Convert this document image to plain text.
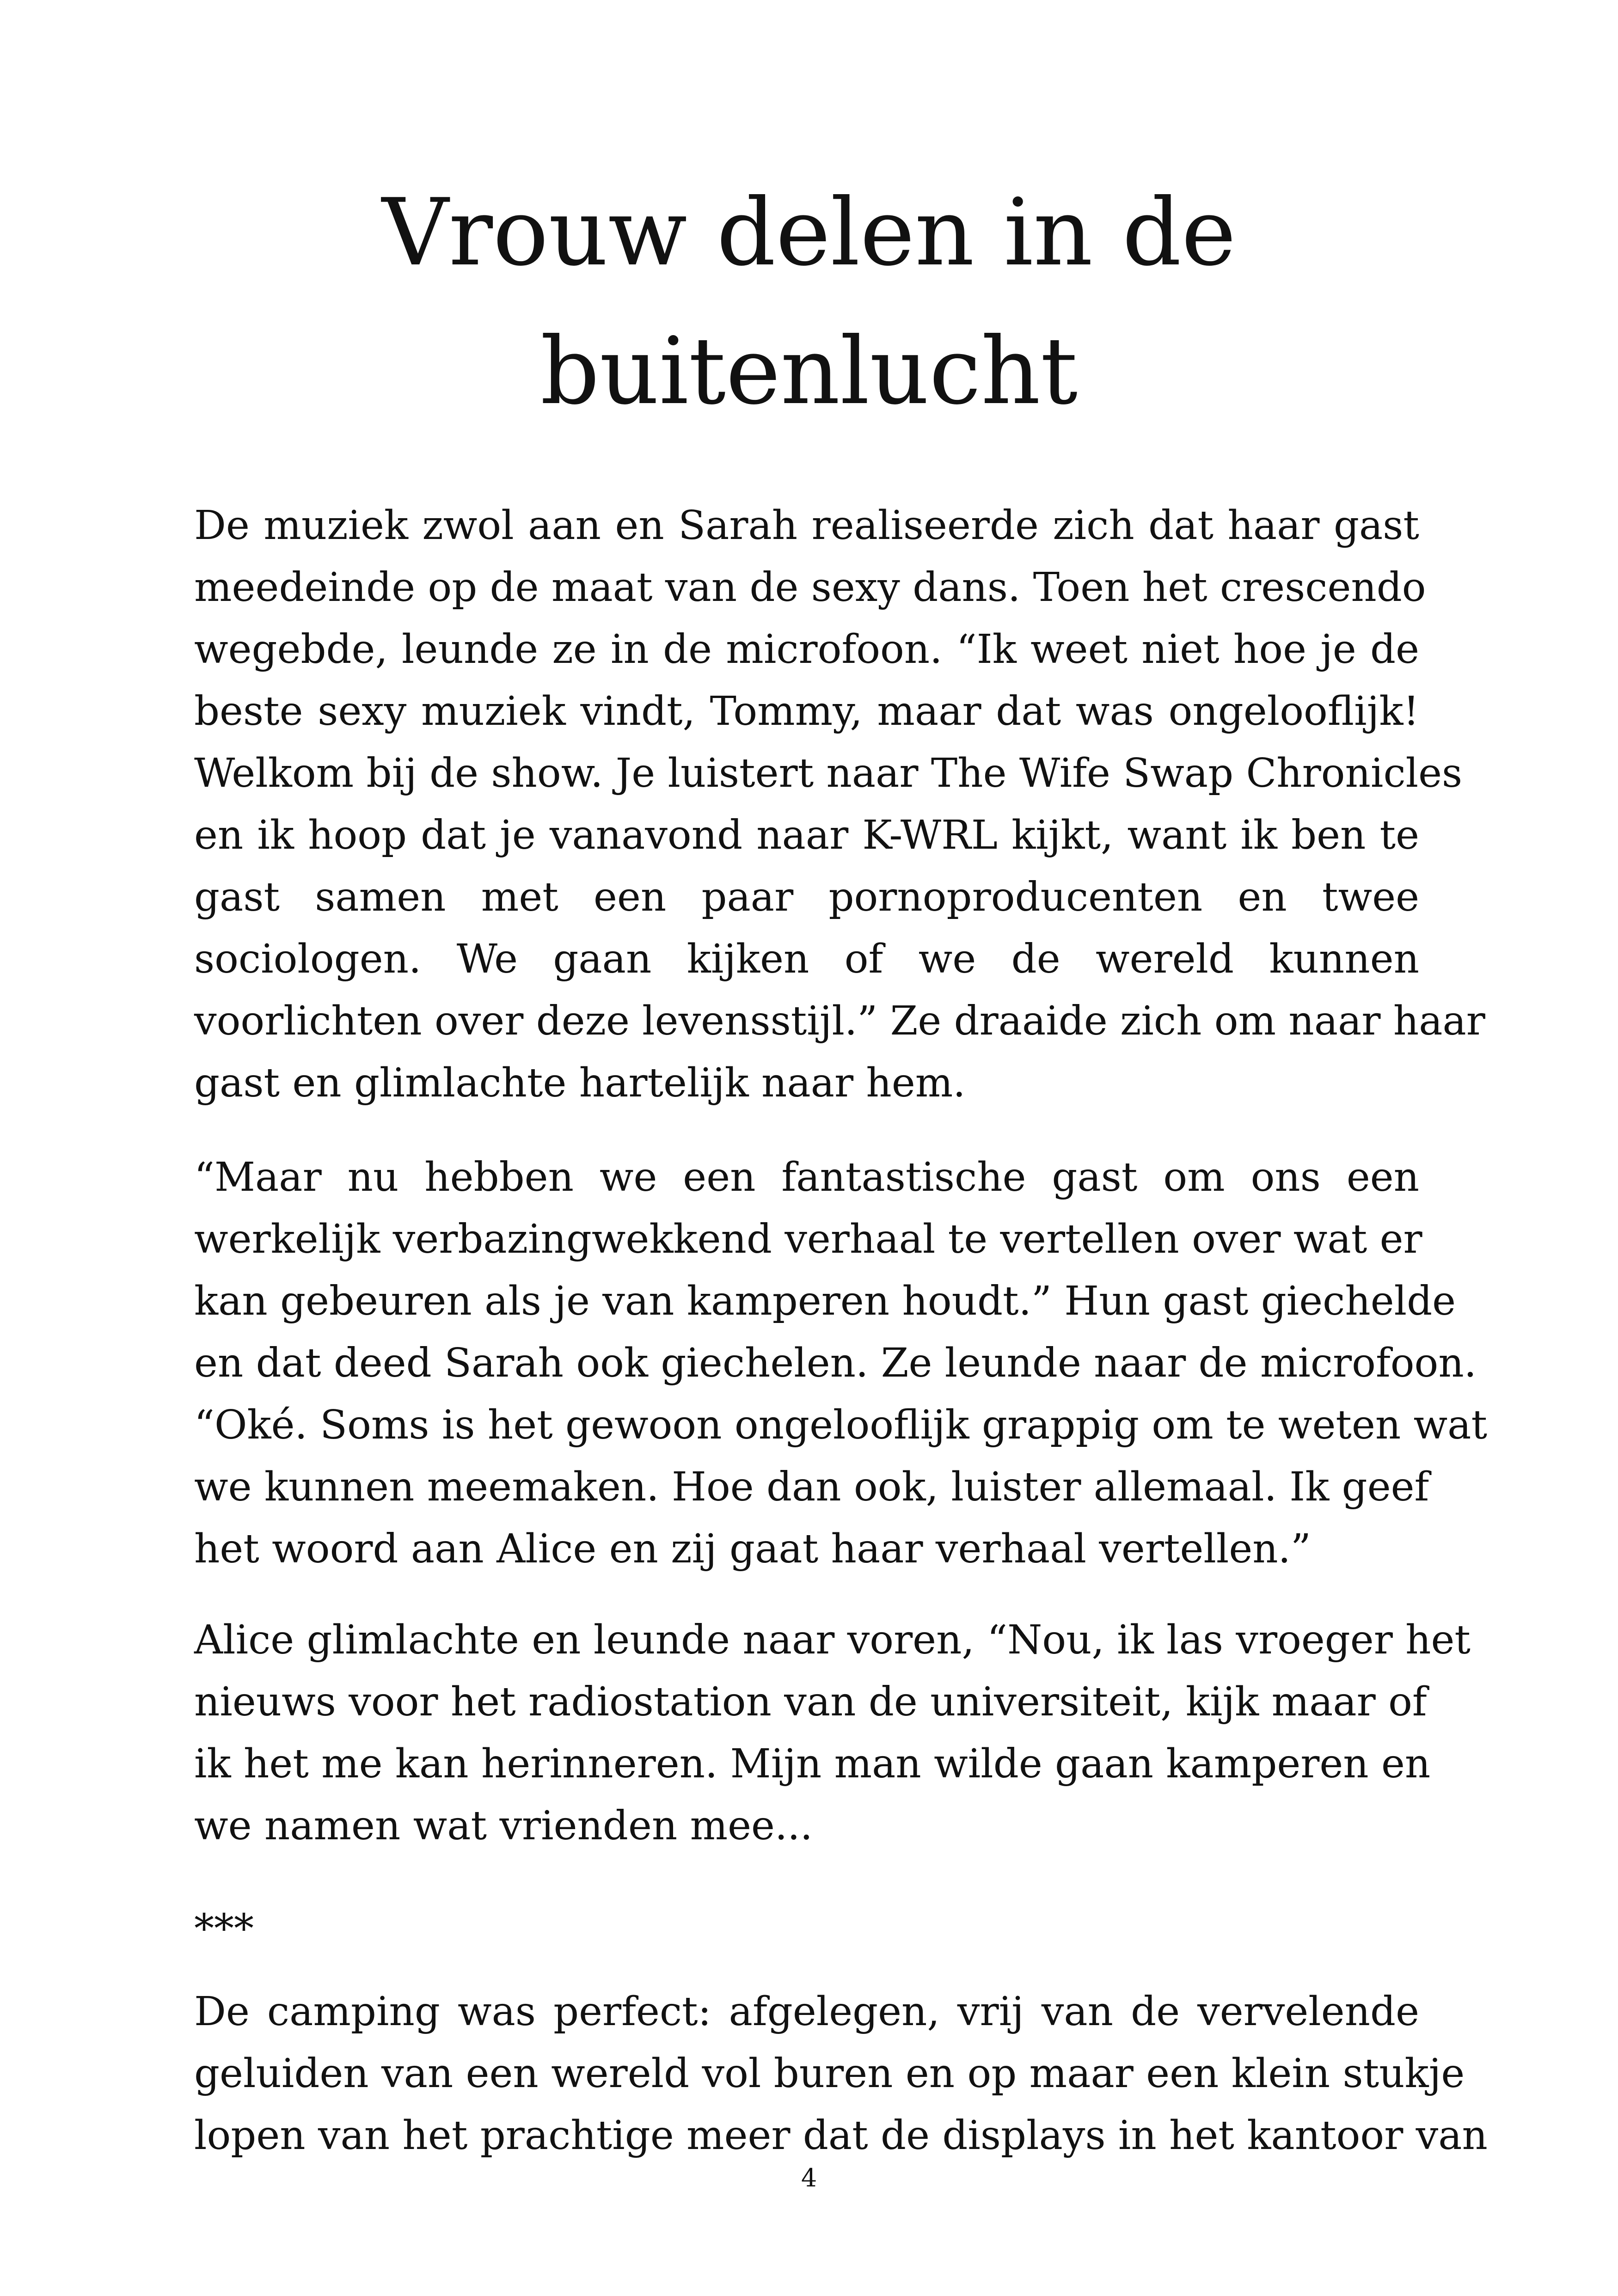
Vrouw delen in de
buitenlucht
De muziek zwol aan en Sarah realiseerde zich dat haar gast
meedeinde op de maat van de sexy dans. Toen het crescendo
wegebde, leunde ze in de microfoon. “Ik weet niet hoe je de
beste sexy muziek vindt, Tommy, maar dat was ongelooflijk!
Welkom bij de show. Je luistert naar The Wife Swap Chronicles
en ik hoop dat je vanavond naar K-WRL kijkt, want ik ben te
gast samen met een paar pornoproducenten en twee
sociologen. We gaan kijken of we de wereld kunnen
voorlichten over deze levensstijl.” Ze draaide zich om naar haar
gast en glimlachte hartelijk naar hem.
“Maar nu hebben we een fantastische gast om ons een
werkelijk verbazingwekkend verhaal te vertellen over wat er
kan gebeuren als je van kamperen houdt.” Hun gast giechelde
en dat deed Sarah ook giechelen. Ze leunde naar de microfoon.
“Oké. Soms is het gewoon ongelooflijk grappig om te weten wat
we kunnen meemaken. Hoe dan ook, luister allemaal. Ik geef
het woord aan Alice en zij gaat haar verhaal vertellen.”
Alice glimlachte en leunde naar voren, “Nou, ik las vroeger het
nieuws voor het radiostation van de universiteit, kijk maar of
ik het me kan herinneren. Mijn man wilde gaan kamperen en
we namen wat vrienden mee...
***
De camping was perfect: afgelegen, vrij van de vervelende
geluiden van een wereld vol buren en op maar een klein stukje
lopen van het prachtige meer dat de displays in het kantoor van
4
